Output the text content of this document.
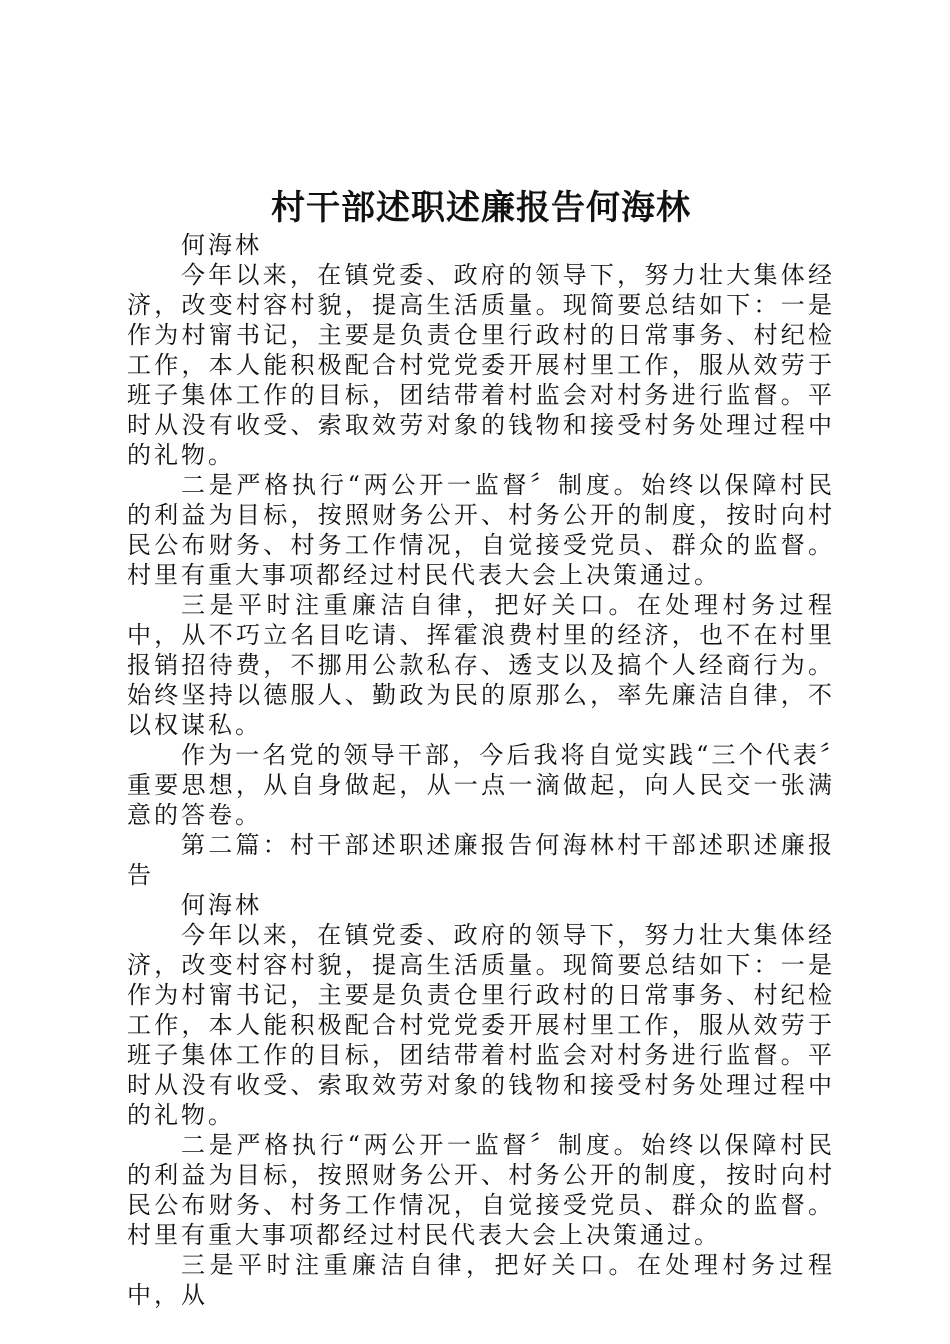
村干部述职述廉报告何海林

何海林

今年以来，在镇党委、政府的领导下，努力壮大集体经济，改变村容村貌，提高生活质量。现简要总结如下：一是作为村甯书记，主要是负责仓里行政村的日常事务、村纪检工作，本人能积极配合村党党委开展村里工作，服从效劳于班子集体工作的目标，团结带着村监会对村务进行监督。平时从没有收受、索取效劳对象的钱物和接受村务处理过程中的礼物。

二是严格执行“两公开一监督〞制度。始终以保障村民的利益为目标，按照财务公开、村务公开的制度，按时向村民公布财务、村务工作情况，自觉接受党员、群众的监督。村里有重大事项都经过村民代表大会上决策通过。

三是平时注重廉洁自律，把好关口。在处理村务过程中，从不巧立名目吃请、挥霍浪费村里的经济，也不在村里报销招待费，不挪用公款私存、透支以及搞个人经商行为。始终坚持以德服人、勤政为民的原那么，率先廉洁自律，不以权谋私。

作为一名党的领导干部，今后我将自觉实践“三个代表〞重要思想，从自身做起，从一点一滴做起，向人民交一张满意的答卷。

第二篇：村干部述职述廉报告何海林村干部述职述廉报告

何海林

今年以来，在镇党委、政府的领导下，努力壮大集体经济，改变村容村貌，提高生活质量。现简要总结如下：一是作为村甯书记，主要是负责仓里行政村的日常事务、村纪检工作，本人能积极配合村党党委开展村里工作，服从效劳于班子集体工作的目标，团结带着村监会对村务进行监督。平时从没有收受、索取效劳对象的钱物和接受村务处理过程中的礼物。

二是严格执行“两公开一监督〞制度。始终以保障村民的利益为目标，按照财务公开、村务公开的制度，按时向村民公布财务、村务工作情况，自觉接受党员、群众的监督。村里有重大事项都经过村民代表大会上决策通过。

三是平时注重廉洁自律，把好关口。在处理村务过程中，从
